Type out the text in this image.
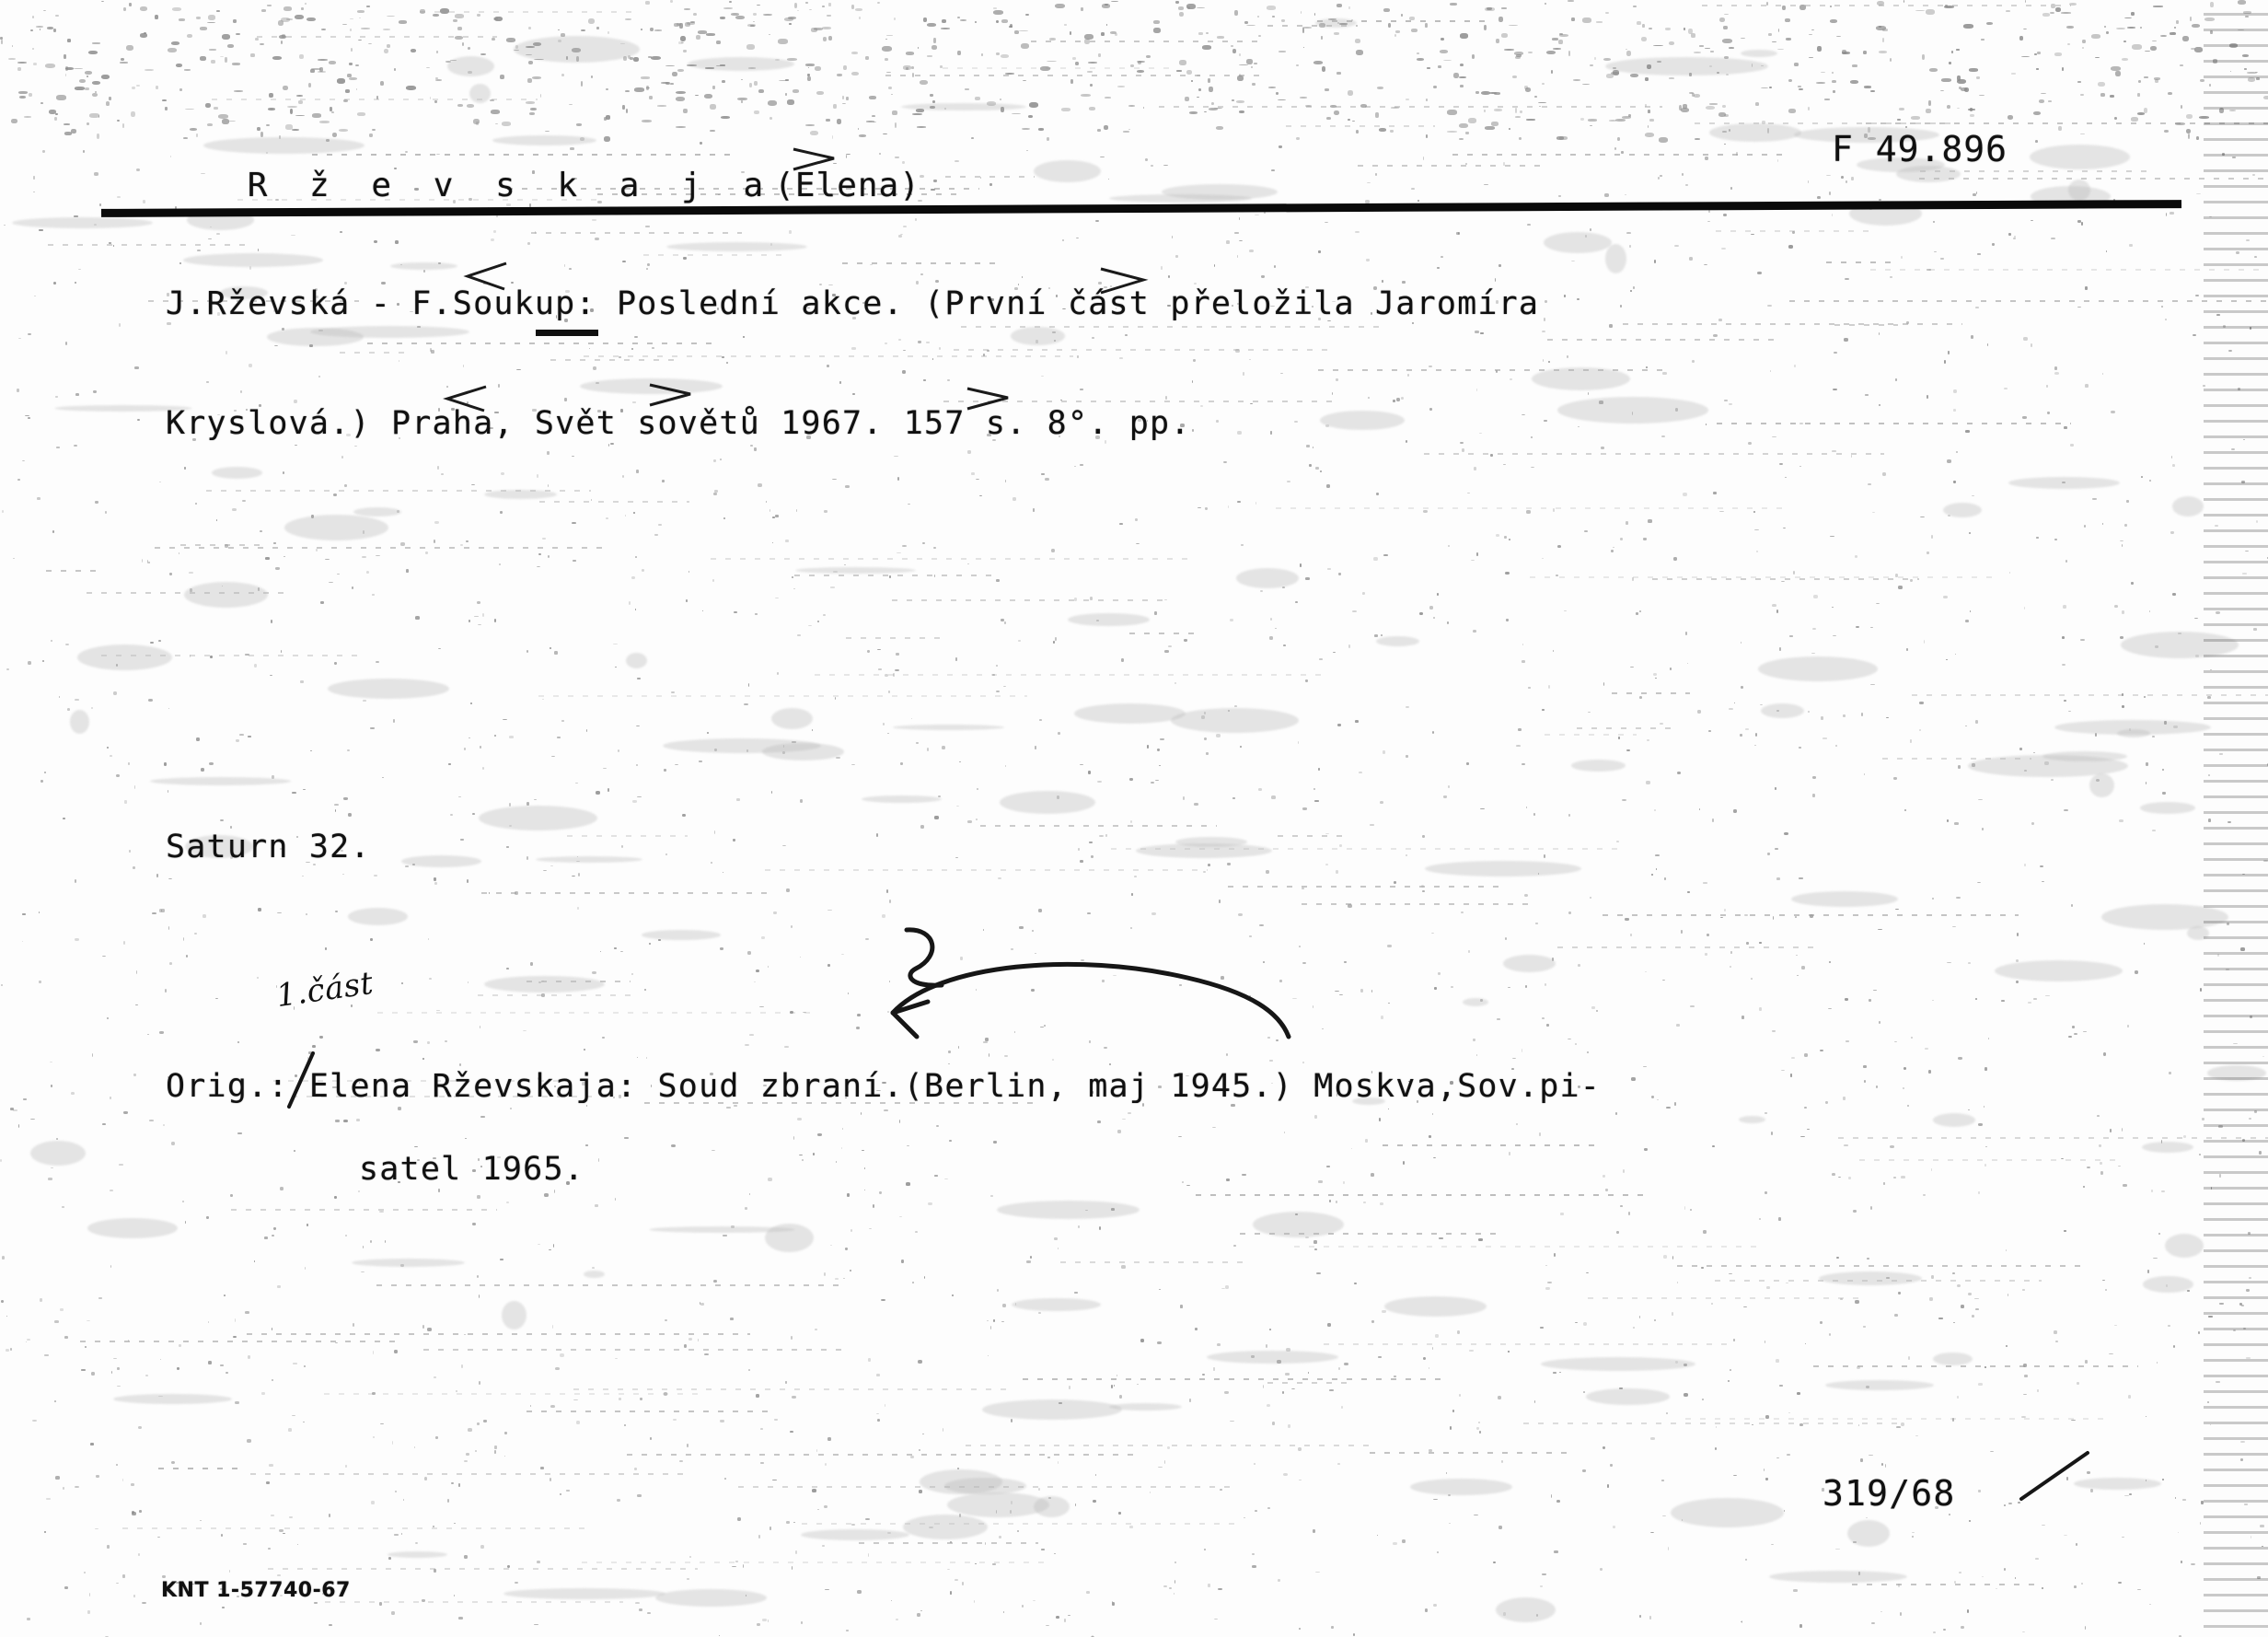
R ž e v s k a j a(Elena)

F 49.896
J.Rževská - F.Soukup: Poslední akce. (První část přeložila Jaromíra
Kryslová.) Praha, Svět sovětů 1967. 157 s. 8°. pp.
Saturn 32.
Orig.: Elena Rževskaja: Soud zbraní.(Berlin, maj 1945.) Moskva,Sov.pi-
satel 1965.
319/68
KNT 1-57740-67
1.část
